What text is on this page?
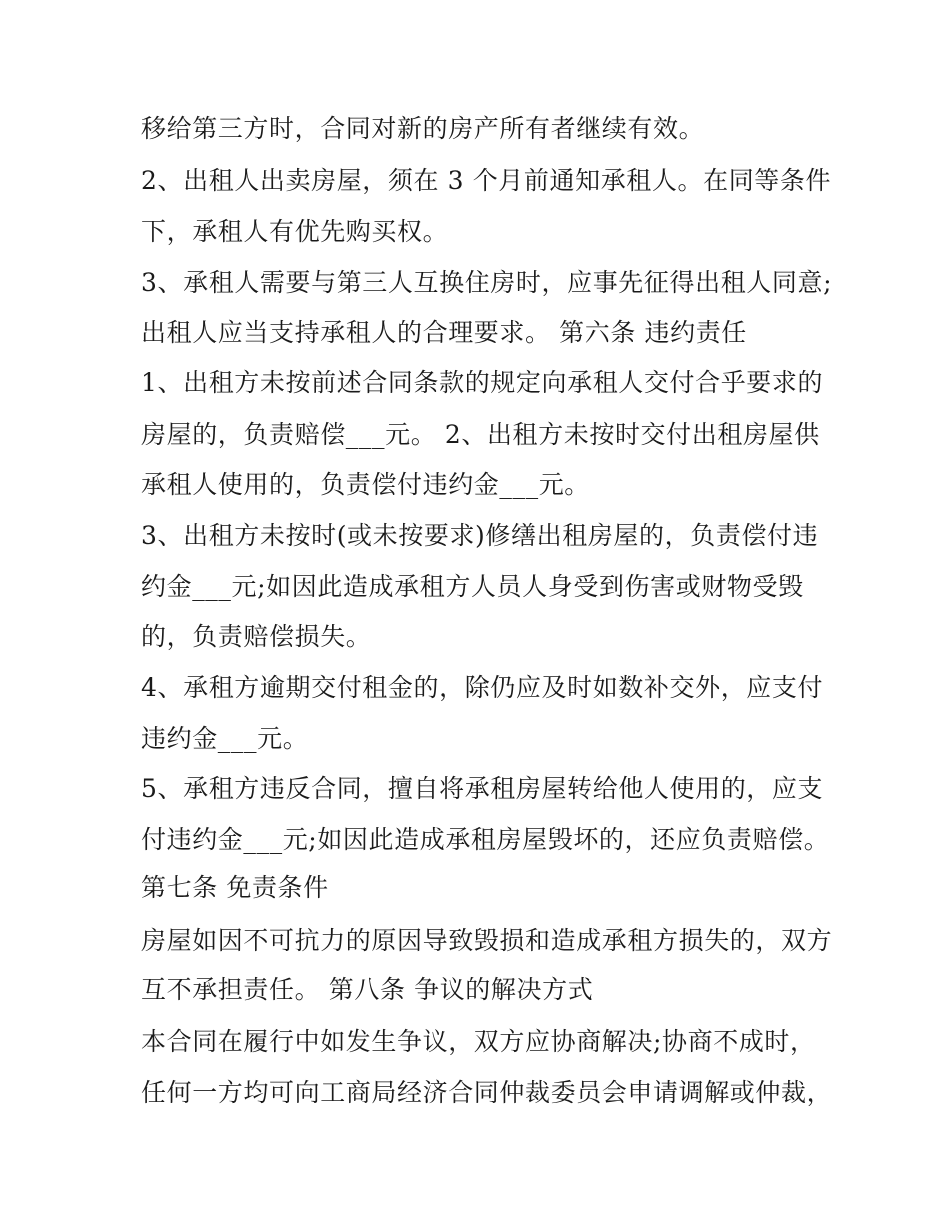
移给第三方时，合同对新的房产所有者继续有效。
2、出租人出卖房屋，须在 3 个月前通知承租人。在同等条件
下，承租人有优先购买权。
3、承租人需要与第三人互换住房时，应事先征得出租人同意;
出租人应当支持承租人的合理要求。 第六条 违约责任
1、出租方未按前述合同条款的规定向承租人交付合乎要求的
房屋的，负责赔偿___元。 2、出租方未按时交付出租房屋供
承租人使用的，负责偿付违约金___元。
3、出租方未按时(或未按要求)修缮出租房屋的，负责偿付违
约金___元;如因此造成承租方人员人身受到伤害或财物受毁
的，负责赔偿损失。
4、承租方逾期交付租金的，除仍应及时如数补交外，应支付
违约金___元。
5、承租方违反合同，擅自将承租房屋转给他人使用的，应支
付违约金___元;如因此造成承租房屋毁坏的，还应负责赔偿。
第七条 免责条件
房屋如因不可抗力的原因导致毁损和造成承租方损失的，双方
互不承担责任。 第八条 争议的解决方式
本合同在履行中如发生争议，双方应协商解决;协商不成时，
任何一方均可向工商局经济合同仲裁委员会申请调解或仲裁，
